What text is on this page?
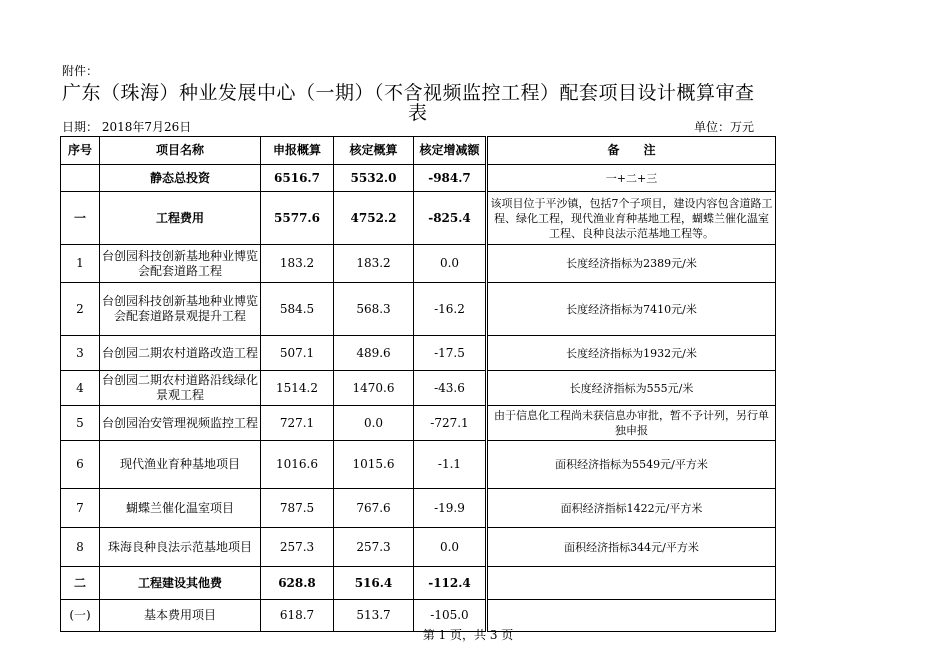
附件：
广东（珠海）种业发展中心（一期）（不含视频监控工程）配套项目设计概算审查
表
日期： 2018年7月26日	单位：万元
序号	项目名称	申报概算	核定概算	核定增减额	备　　注
	静态总投资	6516.7	5532.0	-984.7	一+二+三
一	工程费用	5577.6	4752.2	-825.4	该项目位于平沙镇，包括7个子项目，建设内容包含道路工程、绿化工程，现代渔业育种基地工程，蝴蝶兰催化温室工程、良种良法示范基地工程等。
1	台创园科技创新基地种业博览会配套道路工程	183.2	183.2	0.0	长度经济指标为2389元/米
2	台创园科技创新基地种业博览会配套道路景观提升工程	584.5	568.3	-16.2	长度经济指标为7410元/米
3	台创园二期农村道路改造工程	507.1	489.6	-17.5	长度经济指标为1932元/米
4	台创园二期农村道路沿线绿化景观工程	1514.2	1470.6	-43.6	长度经济指标为555元/米
5	台创园治安管理视频监控工程	727.1	0.0	-727.1	由于信息化工程尚未获信息办审批，暂不予计列，另行单独申报
6	现代渔业育种基地项目	1016.6	1015.6	-1.1	面积经济指标为5549元/平方米
7	蝴蝶兰催化温室项目	787.5	767.6	-19.9	面积经济指标1422元/平方米
8	珠海良种良法示范基地项目	257.3	257.3	0.0	面积经济指标344元/平方米
二	工程建设其他费	628.8	516.4	-112.4	
(一)	基本费用项目	618.7	513.7	-105.0	
第 1 页，共 3 页
